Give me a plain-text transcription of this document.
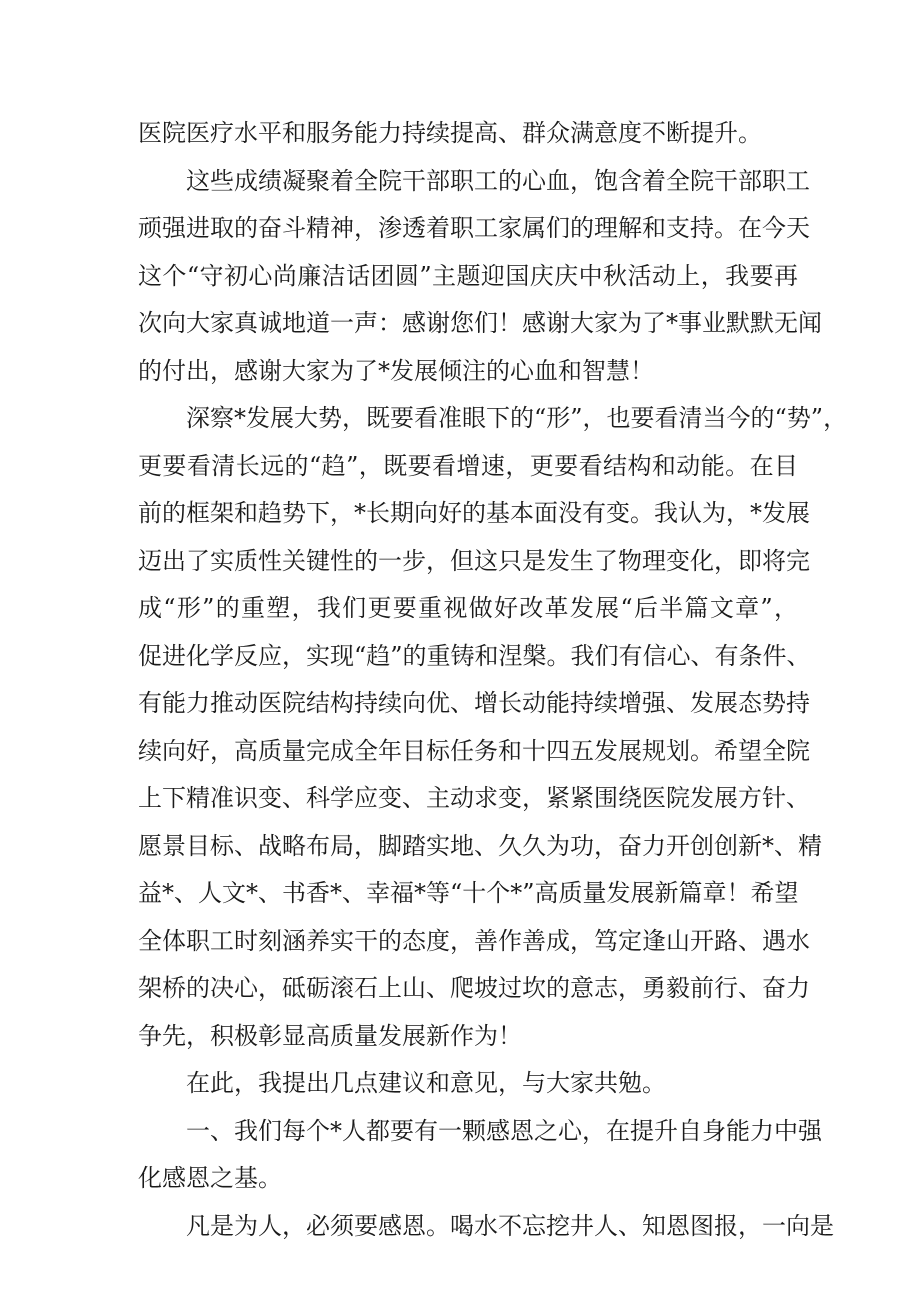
医院医疗水平和服务能力持续提高、群众满意度不断提升。
这些成绩凝聚着全院干部职工的心血，饱含着全院干部职工
顽强进取的奋斗精神，渗透着职工家属们的理解和支持。在今天
这个“守初心尚廉洁话团圆”主题迎国庆庆中秋活动上，我要再
次向大家真诚地道一声：感谢您们！感谢大家为了*事业默默无闻
的付出，感谢大家为了*发展倾注的心血和智慧！
深察*发展大势，既要看准眼下的“形”，也要看清当今的“势”，
更要看清长远的“趋”，既要看增速，更要看结构和动能。在目
前的框架和趋势下，*长期向好的基本面没有变。我认为，*发展
迈出了实质性关键性的一步，但这只是发生了物理变化，即将完
成“形”的重塑，我们更要重视做好改革发展“后半篇文章”，
促进化学反应，实现“趋”的重铸和涅槃。我们有信心、有条件、
有能力推动医院结构持续向优、增长动能持续增强、发展态势持
续向好，高质量完成全年目标任务和十四五发展规划。希望全院
上下精准识变、科学应变、主动求变，紧紧围绕医院发展方针、
愿景目标、战略布局，脚踏实地、久久为功，奋力开创创新*、精
益*、人文*、书香*、幸福*等“十个*”高质量发展新篇章！希望
全体职工时刻涵养实干的态度，善作善成，笃定逢山开路、遇水
架桥的决心，砥砺滚石上山、爬坡过坎的意志，勇毅前行、奋力
争先，积极彰显高质量发展新作为！
在此，我提出几点建议和意见，与大家共勉。
一、我们每个*人都要有一颗感恩之心，在提升自身能力中强
化感恩之基。
凡是为人，必须要感恩。喝水不忘挖井人、知恩图报，一向是
